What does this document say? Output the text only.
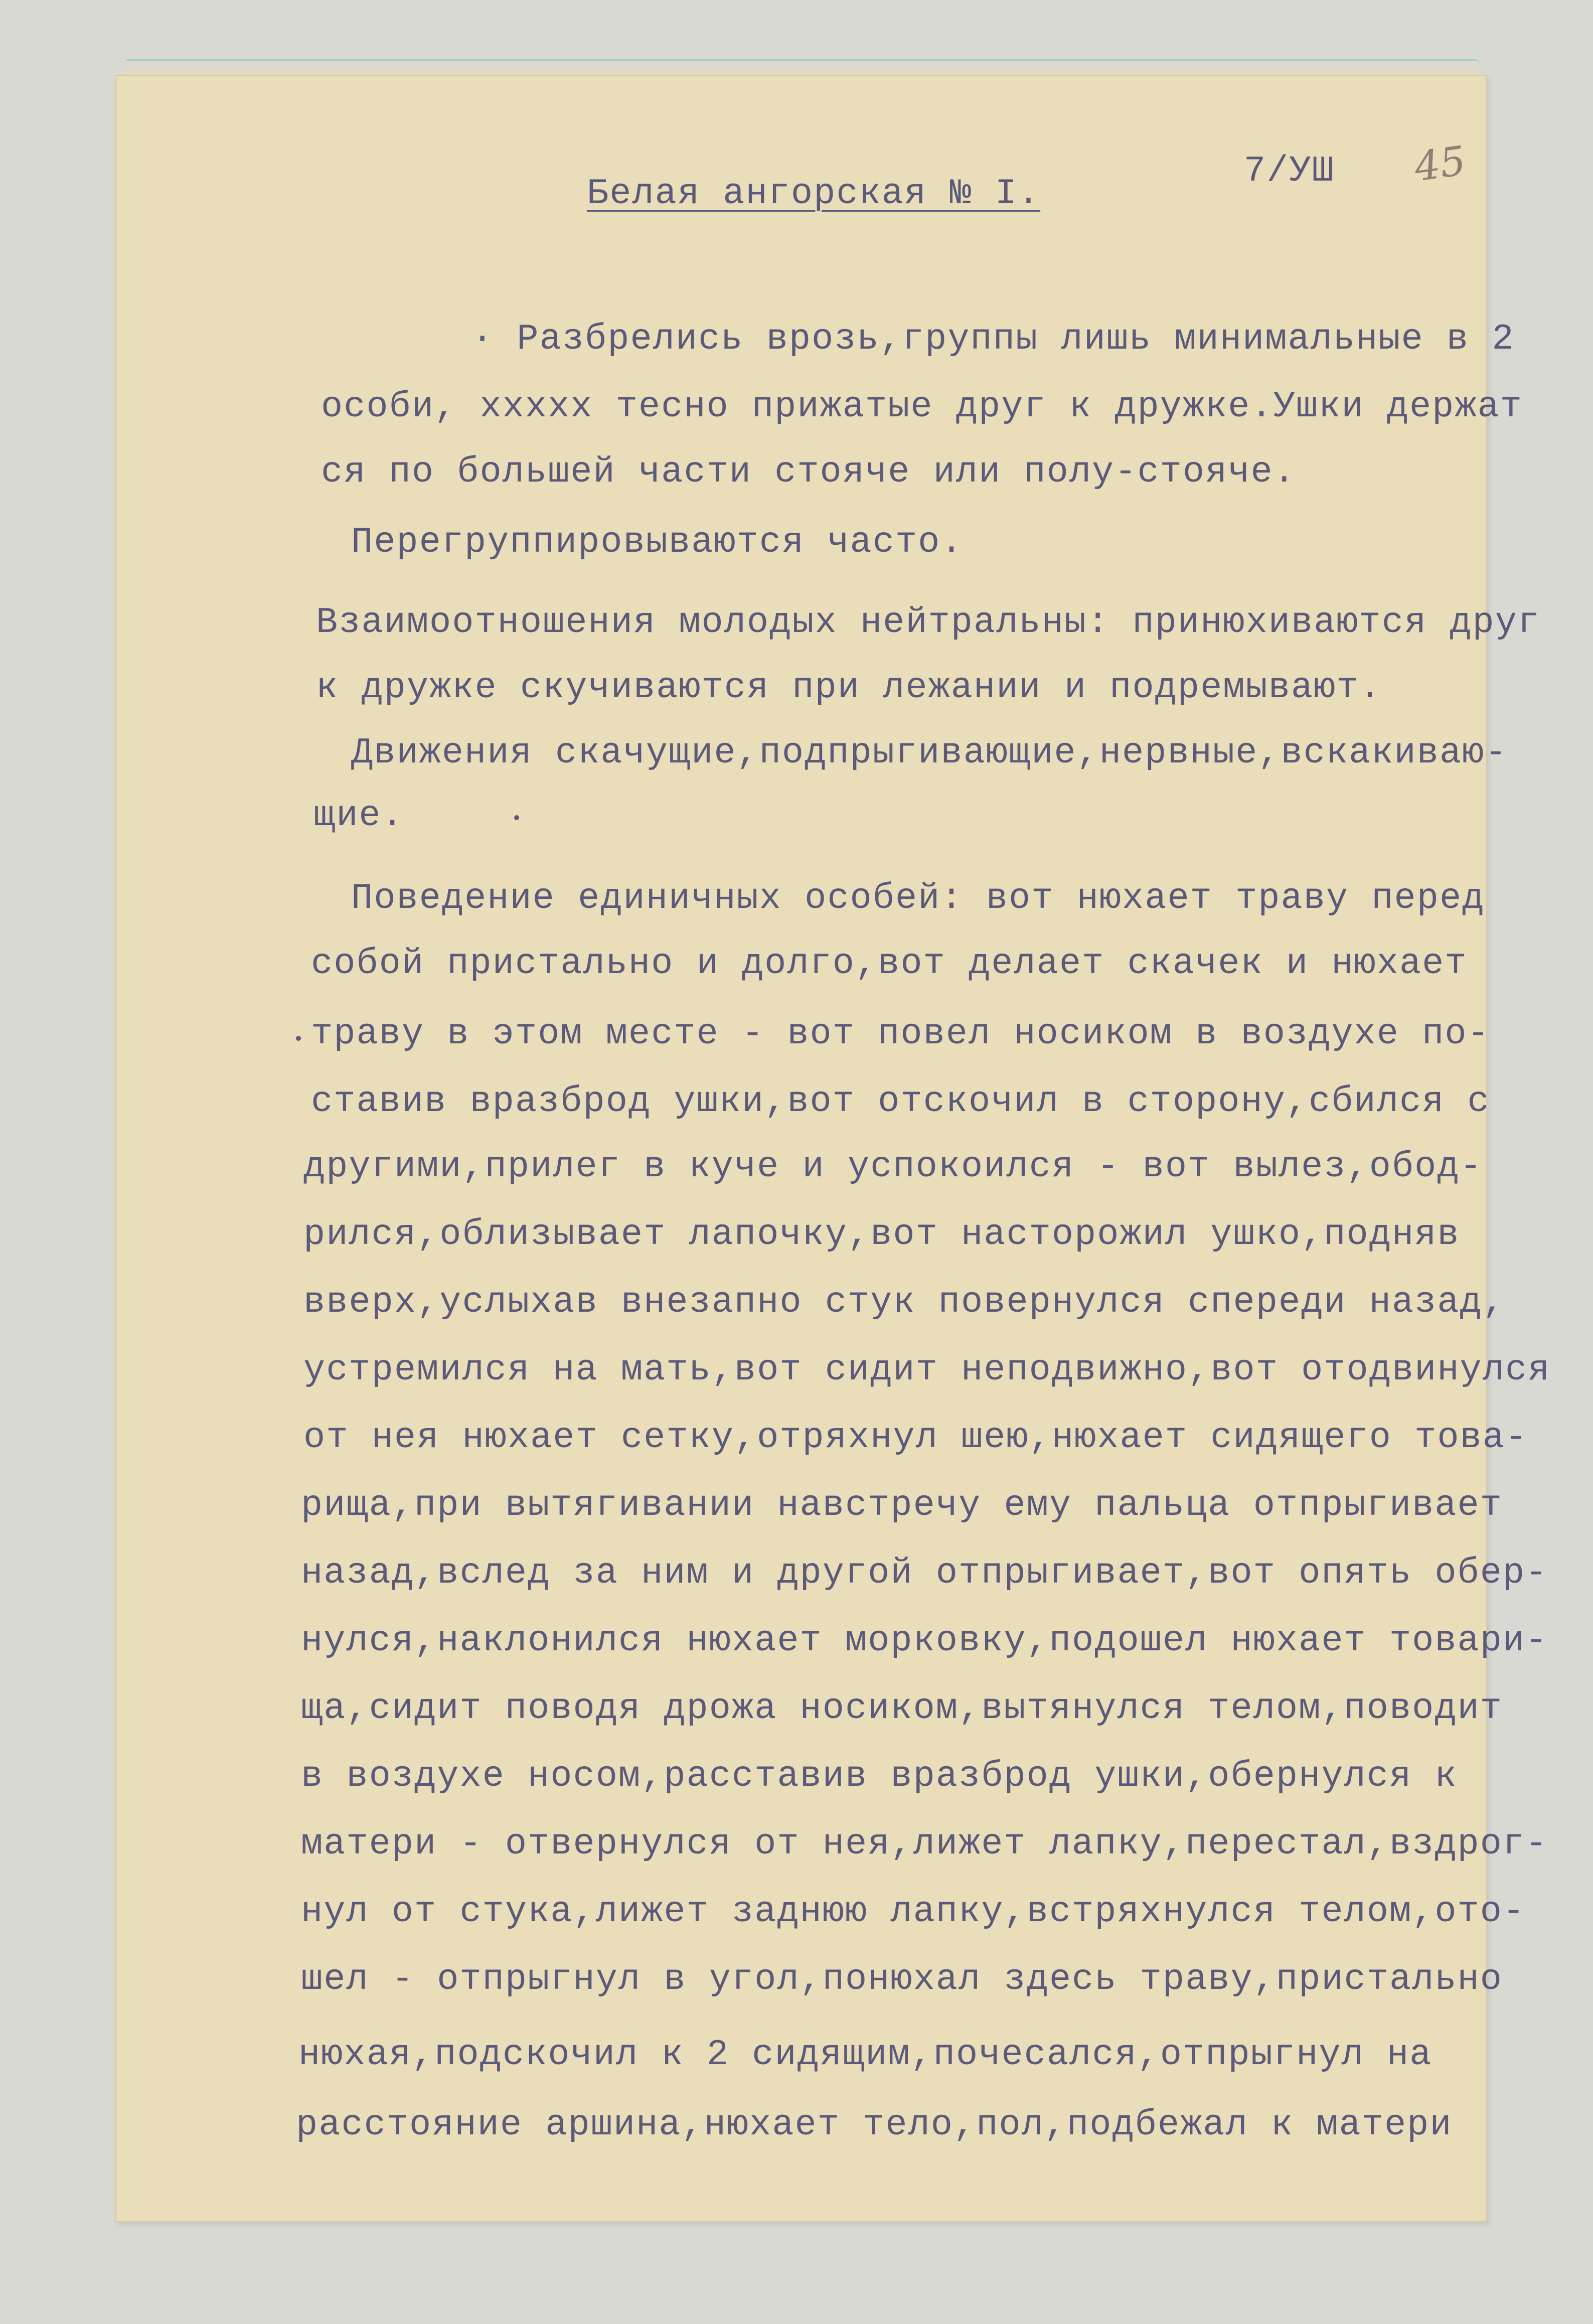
Белая ангорская № I.
7/УШ 45
· Разбрелись врозь,группы лишь минимальные в 2
особи, xxxxx тесно прижатые друг к дружке.Ушки держат
ся по большей части стояче или полу-стояче.
Перегруппировываются часто.
Взаимоотношения молодых нейтральны: принюхиваются друг
к дружке скучиваются при лежании и подремывают.
Движения скачущие,подпрыгивающие,нервные,вскакиваю-
щие.
Поведение единичных особей: вот нюхает траву перед
собой пристально и долго,вот делает скачек и нюхает
траву в этом месте - вот повел носиком в воздухе по-
ставив вразброд ушки,вот отскочил в сторону,сбился с
другими,прилег в куче и успокоился - вот вылез,обод-
рился,облизывает лапочку,вот насторожил ушко,подняв
вверх,услыхав внезапно стук повернулся спереди назад,
устремился на мать,вот сидит неподвижно,вот отодвинулся
от нея нюхает сетку,отряхнул шею,нюхает сидящего това-
рища,при вытягивании навстречу ему пальца отпрыгивает
назад,вслед за ним и другой отпрыгивает,вот опять обер-
нулся,наклонился нюхает морковку,подошел нюхает товари-
ща,сидит поводя дрожа носиком,вытянулся телом,поводит
в воздухе носом,расставив вразброд ушки,обернулся к
матери - отвернулся от нея,лижет лапку,перестал,вздрог-
нул от стука,лижет заднюю лапку,встряхнулся телом,ото-
шел - отпрыгнул в угол,понюхал здесь траву,пристально
нюхая,подскочил к 2 сидящим,почесался,отпрыгнул на
расстояние аршина,нюхает тело,пол,подбежал к матери
